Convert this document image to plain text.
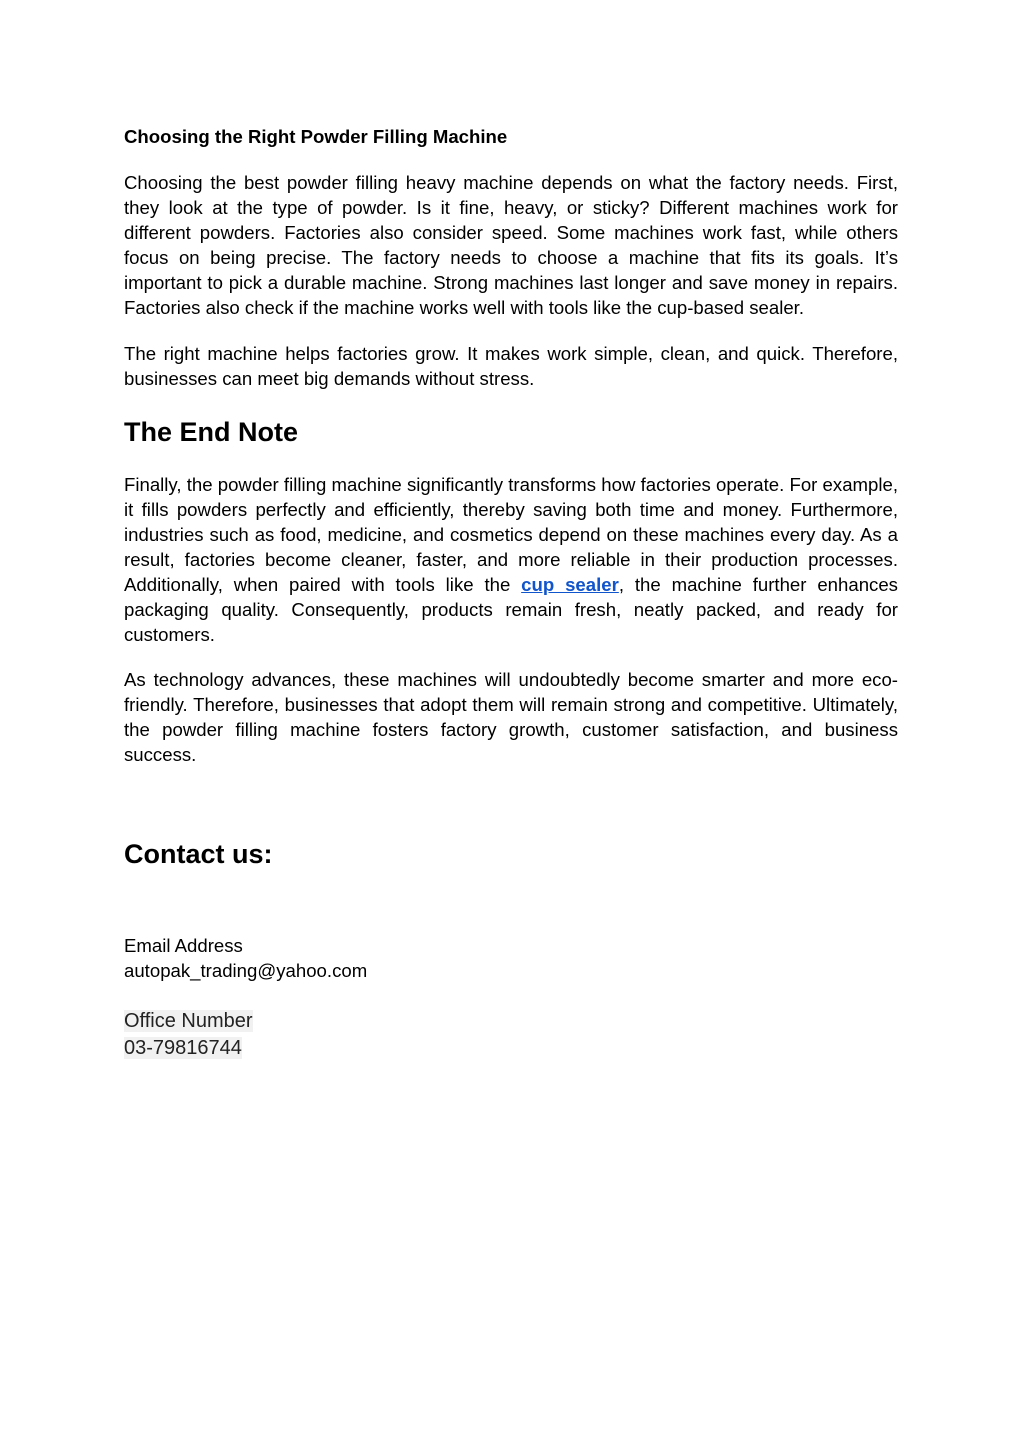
Choosing the Right Powder Filling Machine

Choosing the best powder filling heavy machine depends on what the factory needs. First, they look at the type of powder. Is it fine, heavy, or sticky? Different machines work for different powders. Factories also consider speed. Some machines work fast, while others focus on being precise. The factory needs to choose a machine that fits its goals. It’s important to pick a durable machine. Strong machines last longer and save money in repairs. Factories also check if the machine works well with tools like the cup-based sealer.

The right machine helps factories grow. It makes work simple, clean, and quick. Therefore, businesses can meet big demands without stress.

The End Note

Finally, the powder filling machine significantly transforms how factories operate. For example, it fills powders perfectly and efficiently, thereby saving both time and money. Furthermore, industries such as food, medicine, and cosmetics depend on these machines every day. As a result, factories become cleaner, faster, and more reliable in their production processes. Additionally, when paired with tools like the cup sealer, the machine further enhances packaging quality. Consequently, products remain fresh, neatly packed, and ready for customers.

As technology advances, these machines will undoubtedly become smarter and more eco-friendly. Therefore, businesses that adopt them will remain strong and competitive. Ultimately, the powder filling machine fosters factory growth, customer satisfaction, and business success.

Contact us:

Email Address

autopak_trading@yahoo.com

Office Number

03-79816744
